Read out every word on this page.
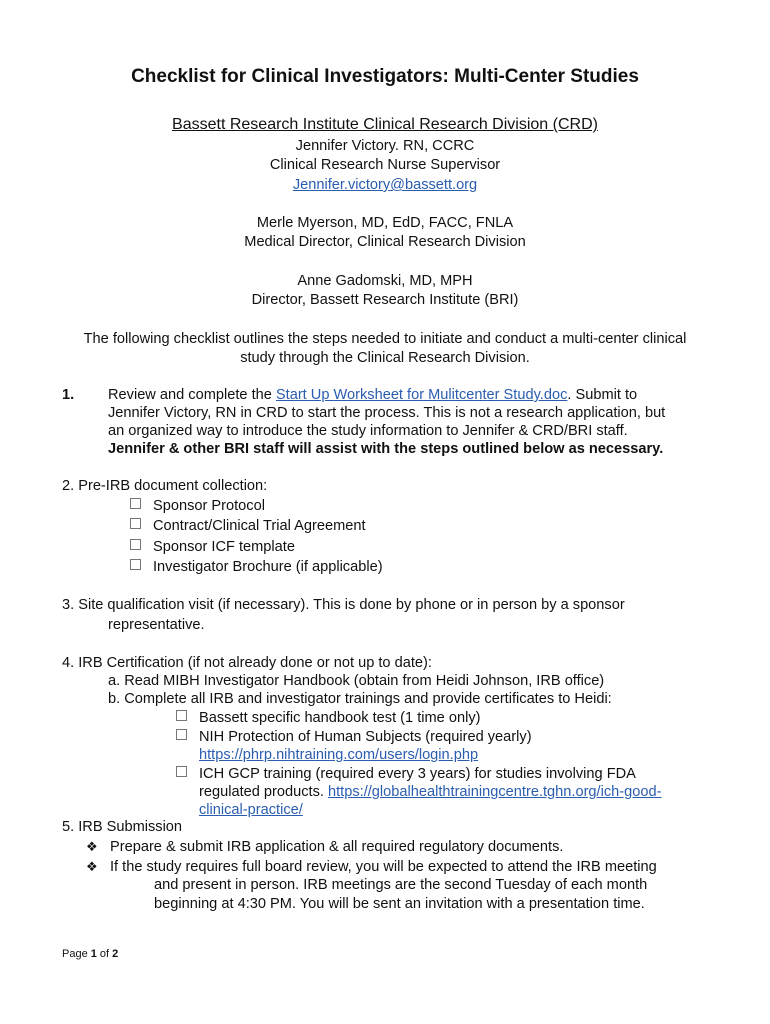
Checklist for Clinical Investigators: Multi-Center Studies
Bassett Research Institute Clinical Research Division (CRD)
Jennifer Victory. RN, CCRC
Clinical Research Nurse Supervisor
Jennifer.victory@bassett.org
Merle Myerson, MD, EdD, FACC, FNLA
Medical Director, Clinical Research Division
Anne Gadomski, MD, MPH
Director, Bassett Research Institute (BRI)
The following checklist outlines the steps needed to initiate and conduct a multi-center clinical
study through the Clinical Research Division.
1. Review and complete the Start Up Worksheet for Mulitcenter Study.doc. Submit to
Jennifer Victory, RN in CRD to start the process. This is not a research application, but
an organized way to introduce the study information to Jennifer & CRD/BRI staff.
Jennifer & other BRI staff will assist with the steps outlined below as necessary.
2. Pre-IRB document collection:
Sponsor Protocol
Contract/Clinical Trial Agreement
Sponsor ICF template
Investigator Brochure (if applicable)
3. Site qualification visit (if necessary). This is done by phone or in person by a sponsor
representative.
4. IRB Certification (if not already done or not up to date):
a. Read MIBH Investigator Handbook (obtain from Heidi Johnson, IRB office)
b. Complete all IRB and investigator trainings and provide certificates to Heidi:
Bassett specific handbook test (1 time only)
NIH Protection of Human Subjects (required yearly)
https://phrp.nihtraining.com/users/login.php
ICH GCP training (required every 3 years) for studies involving FDA
regulated products. https://globalhealthtrainingcentre.tghn.org/ich-good-
clinical-practice/
5. IRB Submission
❖ Prepare & submit IRB application & all required regulatory documents.
❖ If the study requires full board review, you will be expected to attend the IRB meeting
and present in person. IRB meetings are the second Tuesday of each month
beginning at 4:30 PM. You will be sent an invitation with a presentation time.
Page 1 of 2
